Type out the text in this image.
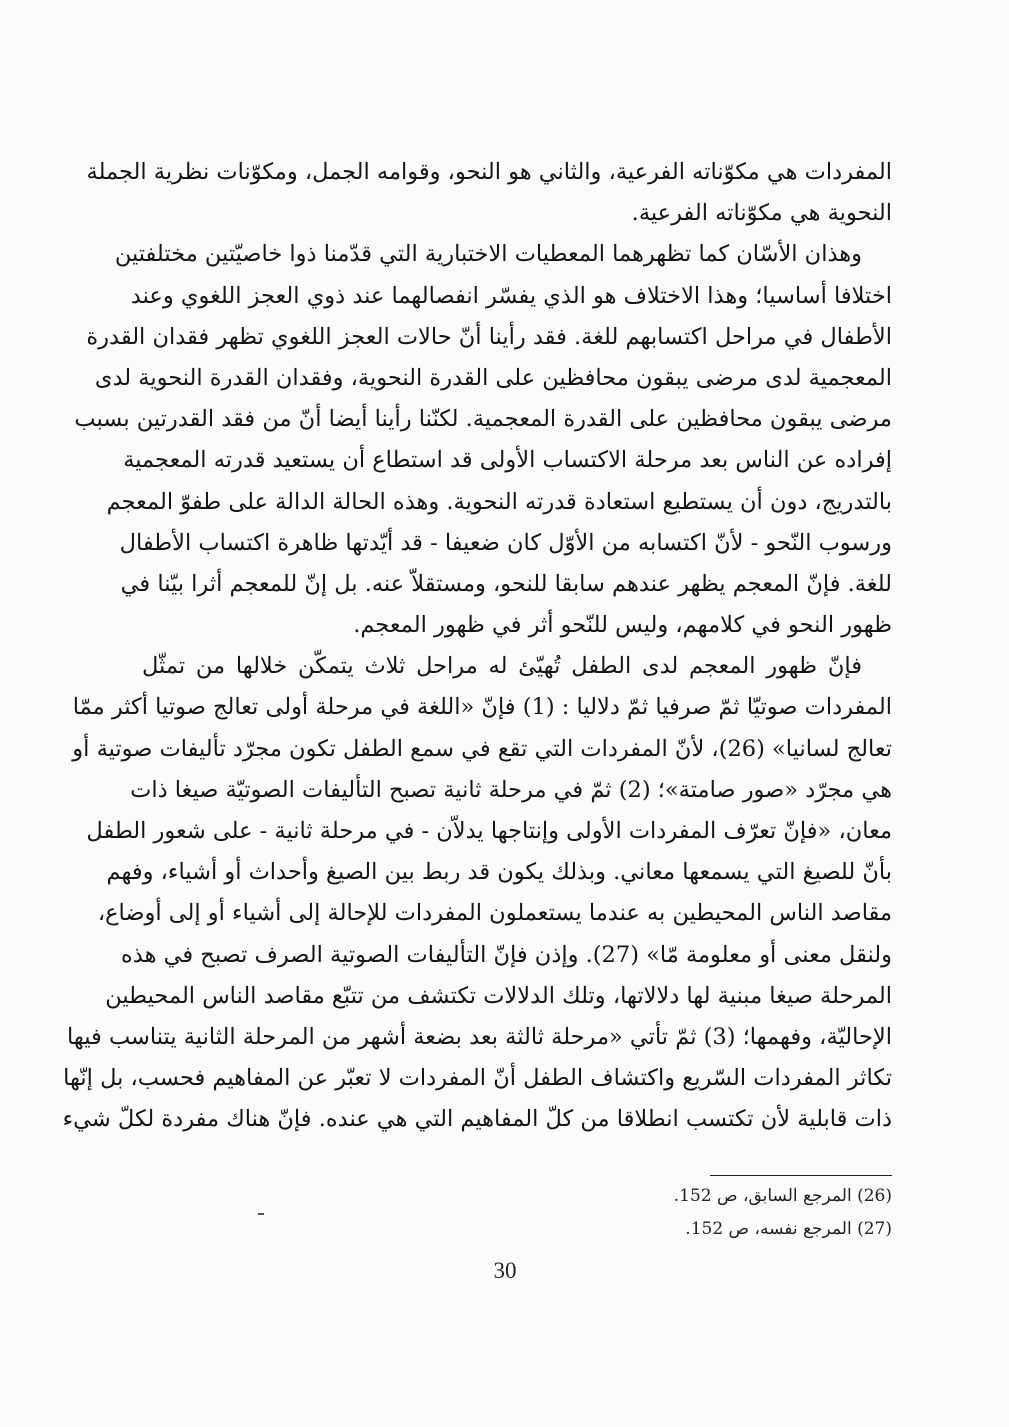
المفردات هي مكوّناته الفرعية، والثاني هو النحو، وقوامه الجمل، ومكوّنات نظرية الجملة
النحوية هي مكوّناته الفرعية.
وهذان الأسّان كما تظهرهما المعطيات الاختبارية التي قدّمنا ذوا خاصيّتين مختلفتين
اختلافا أساسيا؛ وهذا الاختلاف هو الذي يفسّر انفصالهما عند ذوي العجز اللغوي وعند
الأطفال في مراحل اكتسابهم للغة. فقد رأينا أنّ حالات العجز اللغوي تظهر فقدان القدرة
المعجمية لدى مرضى يبقون محافظين على القدرة النحوية، وفقدان القدرة النحوية لدى
مرضى يبقون محافظين على القدرة المعجمية. لكنّنا رأينا أيضا أنّ من فقد القدرتين بسبب
إفراده عن الناس بعد مرحلة الاكتساب الأولى قد استطاع أن يستعيد قدرته المعجمية
بالتدريج، دون أن يستطيع استعادة قدرته النحوية. وهذه الحالة الدالة على طفوّ المعجم
ورسوب النّحو - لأنّ اكتسابه من الأوّل كان ضعيفا - قد أيّدتها ظاهرة اكتساب الأطفال
للغة. فإنّ المعجم يظهر عندهم سابقا للنحو، ومستقلاّ عنه. بل إنّ للمعجم أثرا بيّنا في
ظهور النحو في كلامهم، وليس للنّحو أثر في ظهور المعجم.
فإنّ ظهور المعجم لدى الطفل تُهيّئ له مراحل ثلاث يتمكّن خلالها من تمثّل
المفردات صوتيّا ثمّ صرفيا ثمّ دلاليا : (1) فإنّ «اللغة في مرحلة أولى تعالج صوتيا أكثر ممّا
تعالج لسانيا» (26)، لأنّ المفردات التي تقع في سمع الطفل تكون مجرّد تأليفات صوتية أو
هي مجرّد «صور صامتة»؛ (2) ثمّ في مرحلة ثانية تصبح التأليفات الصوتيّة صيغا ذات
معان، «فإنّ تعرّف المفردات الأولى وإنتاجها يدلاّن - في مرحلة ثانية - على شعور الطفل
بأنّ للصيغ التي يسمعها معاني. وبذلك يكون قد ربط بين الصيغ وأحداث أو أشياء، وفهم
مقاصد الناس المحيطين به عندما يستعملون المفردات للإحالة إلى أشياء أو إلى أوضاع،
ولنقل معنى أو معلومة مّا» (27). وإذن فإنّ التأليفات الصوتية الصرف تصبح في هذه
المرحلة صيغا مبنية لها دلالاتها، وتلك الدلالات تكتشف من تتبّع مقاصد الناس المحيطين
الإحاليّة، وفهمها؛ (3) ثمّ تأتي «مرحلة ثالثة بعد بضعة أشهر من المرحلة الثانية يتناسب فيها
تكاثر المفردات السّريع واكتشاف الطفل أنّ المفردات لا تعبّر عن المفاهيم فحسب، بل إنّها
ذات قابلية لأن تكتسب انطلاقا من كلّ المفاهيم التي هي عنده. فإنّ هناك مفردة لكلّ شيء
(26) المرجع السابق، ص 152.
(27) المرجع نفسه، ص 152.
30
